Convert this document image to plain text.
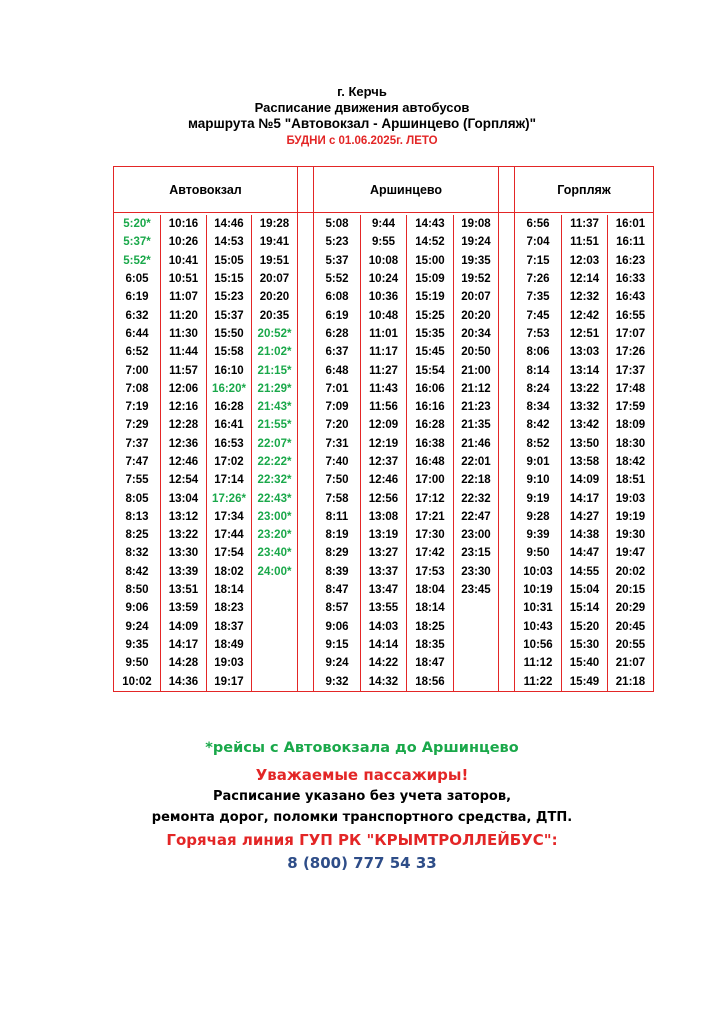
г. Керчь
Расписание движения автобусов
маршрута №5 "Автовокзал - Аршинцево (Горпляж)"
БУДНИ с 01.06.2025г. ЛЕТО
Автовокзал					Аршинцево					Горпляж		

5:20*	10:16	14:46	19:28		5:08	9:44	14:43	19:08		6:56	11:37	16:01
5:37*	10:26	14:53	19:41		5:23	9:55	14:52	19:24		7:04	11:51	16:11
5:52*	10:41	15:05	19:51		5:37	10:08	15:00	19:35		7:15	12:03	16:23
6:05	10:51	15:15	20:07		5:52	10:24	15:09	19:52		7:26	12:14	16:33
6:19	11:07	15:23	20:20		6:08	10:36	15:19	20:07		7:35	12:32	16:43
6:32	11:20	15:37	20:35		6:19	10:48	15:25	20:20		7:45	12:42	16:55
6:44	11:30	15:50	20:52*		6:28	11:01	15:35	20:34		7:53	12:51	17:07
6:52	11:44	15:58	21:02*		6:37	11:17	15:45	20:50		8:06	13:03	17:26
7:00	11:57	16:10	21:15*		6:48	11:27	15:54	21:00		8:14	13:14	17:37
7:08	12:06	16:20*	21:29*		7:01	11:43	16:06	21:12		8:24	13:22	17:48
7:19	12:16	16:28	21:43*		7:09	11:56	16:16	21:23		8:34	13:32	17:59
7:29	12:28	16:41	21:55*		7:20	12:09	16:28	21:35		8:42	13:42	18:09
7:37	12:36	16:53	22:07*		7:31	12:19	16:38	21:46		8:52	13:50	18:30
7:47	12:46	17:02	22:22*		7:40	12:37	16:48	22:01		9:01	13:58	18:42
7:55	12:54	17:14	22:32*		7:50	12:46	17:00	22:18		9:10	14:09	18:51
8:05	13:04	17:26*	22:43*		7:58	12:56	17:12	22:32		9:19	14:17	19:03
8:13	13:12	17:34	23:00*		8:11	13:08	17:21	22:47		9:28	14:27	19:19
8:25	13:22	17:44	23:20*		8:19	13:19	17:30	23:00		9:39	14:38	19:30
8:32	13:30	17:54	23:40*		8:29	13:27	17:42	23:15		9:50	14:47	19:47
8:42	13:39	18:02	24:00*		8:39	13:37	17:53	23:30		10:03	14:55	20:02
8:50	13:51	18:14			8:47	13:47	18:04	23:45		10:19	15:04	20:15
9:06	13:59	18:23			8:57	13:55	18:14			10:31	15:14	20:29
9:24	14:09	18:37			9:06	14:03	18:25			10:43	15:20	20:45
9:35	14:17	18:49			9:15	14:14	18:35			10:56	15:30	20:55
9:50	14:28	19:03			9:24	14:22	18:47			11:12	15:40	21:07
10:02	14:36	19:17			9:32	14:32	18:56			11:22	15:49	21:18
*рейсы с Автовокзала до Аршинцево
Уважаемые пассажиры!
Расписание указано без учета заторов,
ремонта дорог, поломки транспортного средства, ДТП.
Горячая линия ГУП РК "КРЫМТРОЛЛЕЙБУС":
8 (800) 777 54 33
